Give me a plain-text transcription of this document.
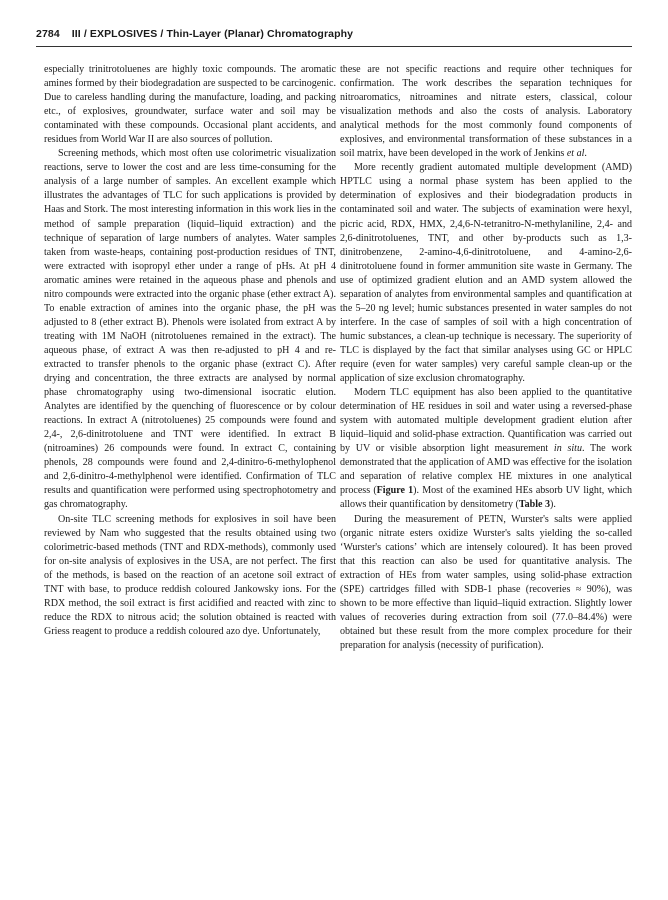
2784 III / EXPLOSIVES / Thin-Layer (Planar) Chromatography

especially trinitrotoluenes are highly toxic compounds. The aromatic amines formed by their biodegradation are suspected to be carcinogenic. Due to careless handling during the manufacture, loading, and packing etc., of explosives, groundwater, surface water and soil may be contaminated with these compounds. Occasional plant accidents, and residues from World War II are also sources of pollution.

Screening methods, which most often use colorimetric visualization reactions, serve to lower the cost and are less time-consuming for the analysis of a large number of samples. An excellent example which illustrates the advantages of TLC for such applications is provided by Haas and Stork. The most interesting information in this work lies in the method of sample preparation (liquid–liquid extraction) and the technique of separation of large numbers of analytes. Water samples taken from waste-heaps, containing post-production residues of TNT, were extracted with isopropyl ether under a range of pHs. At pH 4 aromatic amines were retained in the aqueous phase and phenols and nitro compounds were extracted into the organic phase (ether extract A). To enable extraction of amines into the organic phase, the pH was adjusted to 8 (ether extract B). Phenols were isolated from extract A by treating with 1M NaOH (nitrotoluenes remained in the extract). The aqueous phase, of extract A was then re-adjusted to pH 4 and re-extracted to transfer phenols to the organic phase (extract C). After drying and concentration, the three extracts are analysed by normal phase chromatography using two-dimensional isocratic elution. Analytes are identified by the quenching of fluorescence or by colour reactions. In extract A (nitrotoluenes) 25 compounds were found and 2,4-, 2,6-dinitrotoluene and TNT were identified. In extract B (nitroamines) 26 compounds were found. In extract C, containing phenols, 28 compounds were found and 2,4-dinitro-6-methylophenol and 2,6-dinitro-4-methylphenol were identified. Confirmation of TLC results and quantification were performed using spectrophotometry and gas chromatography.

On-site TLC screening methods for explosives in soil have been reviewed by Nam who suggested that the results obtained using two colorimetric-based methods (TNT and RDX-methods), commonly used for on-site analysis of explosives in the USA, are not perfect. The first of the methods, is based on the reaction of an acetone soil extract of TNT with base, to produce reddish coloured Jankowsky ions. For the RDX method, the soil extract is first acidified and reacted with zinc to reduce the RDX to nitrous acid; the solution obtained is reacted with Griess reagent to produce a reddish coloured azo dye. Unfortunately,

these are not specific reactions and require other techniques for confirmation. The work describes the separation techniques for nitroaromatics, nitroamines and nitrate esters, classical, colour visualization methods and also the costs of analysis. Laboratory analytical methods for the most commonly found components of explosives, and environmental transformation of these substances in a soil matrix, have been developed in the work of Jenkins et al.

More recently gradient automated multiple development (AMD) HPTLC using a normal phase system has been applied to the determination of explosives and their biodegradation products in contaminated soil and water. The subjects of examination were hexyl, picric acid, RDX, HMX, 2,4,6-N-tetranitro-N-methylaniline, 2,4- and 2,6-dinitrotoluenes, TNT, and other by-products such as 1,3-dinitrobenzene, 2-amino-4,6-dinitrotoluene, and 4-amino-2,6-dinitrotoluene found in former ammunition site waste in Germany. The use of optimized gradient elution and an AMD system allowed the separation of analytes from environmental samples and quantification at the 5–20 ng level; humic substances presented in water samples do not interfere. In the case of samples of soil with a high concentration of humic substances, a clean-up technique is necessary. The superiority of TLC is displayed by the fact that similar analyses using GC or HPLC require (even for water samples) very careful sample clean-up or the application of size exclusion chromatography.

Modern TLC equipment has also been applied to the quantitative determination of HE residues in soil and water using a reversed-phase system with automated multiple development gradient elution after liquid–liquid and solid-phase extraction. Quantification was carried out by UV or visible absorption light measurement in situ. The work demonstrated that the application of AMD was effective for the isolation and separation of relative complex HE mixtures in one analytical process (Figure 1). Most of the examined HEs absorb UV light, which allows their quantification by densitometry (Table 3).

During the measurement of PETN, Wurster's salts were applied (organic nitrate esters oxidize Wurster's salts yielding the so-called ‘Wurster's cations’ which are intensely coloured). It has been proved that this reaction can also be used for quantitative analysis. The extraction of HEs from water samples, using solid-phase extraction (SPE) cartridges filled with SDB-1 phase (recoveries ≈ 90%), was shown to be more effective than liquid–liquid extraction. Slightly lower values of recoveries during extraction from soil (77.0–84.4%) were obtained but these result from the more complex procedure for their preparation for analysis (necessity of purification).
